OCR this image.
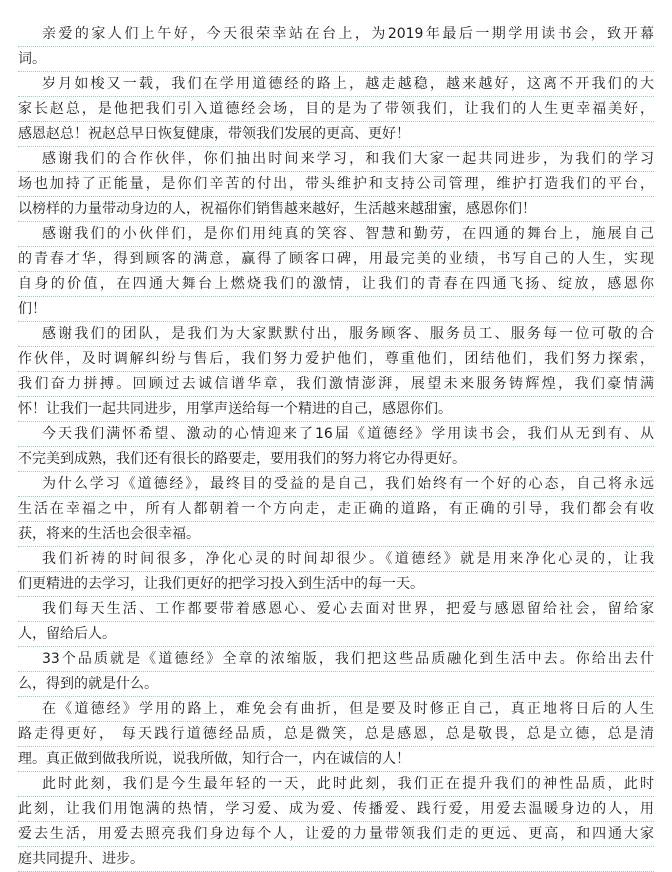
亲爱的家人们上午好，今天很荣幸站在台上，为2019年最后一期学用读书会，致开幕
词。
岁月如梭又一载，我们在学用道德经的路上，越走越稳，越来越好，这离不开我们的大
家长赵总，是他把我们引入道德经会场，目的是为了带领我们，让我们的人生更幸福美好，
感恩赵总！祝赵总早日恢复健康，带领我们发展的更高、更好！
感谢我们的合作伙伴，你们抽出时间来学习，和我们大家一起共同进步，为我们的学习
场也加持了正能量，是你们辛苦的付出，带头维护和支持公司管理，维护打造我们的平台，
以榜样的力量带动身边的人，祝福你们销售越来越好，生活越来越甜蜜，感恩你们！
感谢我们的小伙伴们，是你们用纯真的笑容、智慧和勤劳，在四通的舞台上，施展自己
的青春才华，得到顾客的满意，赢得了顾客口碑，用最完美的业绩，书写自己的人生，实现
自身的价值，在四通大舞台上燃烧我们的激情，让我们的青春在四通飞扬、绽放，感恩你
们！
感谢我们的团队，是我们为大家默默付出，服务顾客、服务员工、服务每一位可敬的合
作伙伴，及时调解纠纷与售后，我们努力爱护他们，尊重他们，团结他们，我们努力探索，
我们奋力拼搏。回顾过去诚信谱华章，我们激情澎湃，展望未来服务铸辉煌，我们豪情满
怀！让我们一起共同进步，用掌声送给每一个精进的自己，感恩你们。
今天我们满怀希望、激动的心情迎来了16届《道德经》学用读书会，我们从无到有、从
不完美到成熟，我们还有很长的路要走，要用我们的努力将它办得更好。
为什么学习《道德经》，最终目的受益的是自己，我们始终有一个好的心态，自己将永远
生活在幸福之中，所有人都朝着一个方向走，走正确的道路，有正确的引导，我们都会有收
获，将来的生活也会很幸福。
我们祈祷的时间很多，净化心灵的时间却很少。《道德经》就是用来净化心灵的，让我
们更精进的去学习，让我们更好的把学习投入到生活中的每一天。
我们每天生活、工作都要带着感恩心、爱心去面对世界，把爱与感恩留给社会，留给家
人，留给后人。
33个品质就是《道德经》全章的浓缩版，我们把这些品质融化到生活中去。你给出去什
么，得到的就是什么。
在《道德经》学用的路上，难免会有曲折，但是要及时修正自己，真正地将日后的人生
路走得更好， 每天践行道德经品质，总是微笑，总是感恩，总是敬畏，总是立德，总是清
理。真正做到做我所说，说我所做，知行合一，内在诚信的人！
此时此刻，我们是今生最年轻的一天，此时此刻，我们正在提升我们的神性品质，此时
此刻，让我们用饱满的热情，学习爱、成为爱、传播爱、践行爱，用爱去温暖身边的人，用
爱去生活，用爱去照亮我们身边每个人，让爱的力量带领我们走的更远、更高，和四通大家
庭共同提升、进步。
